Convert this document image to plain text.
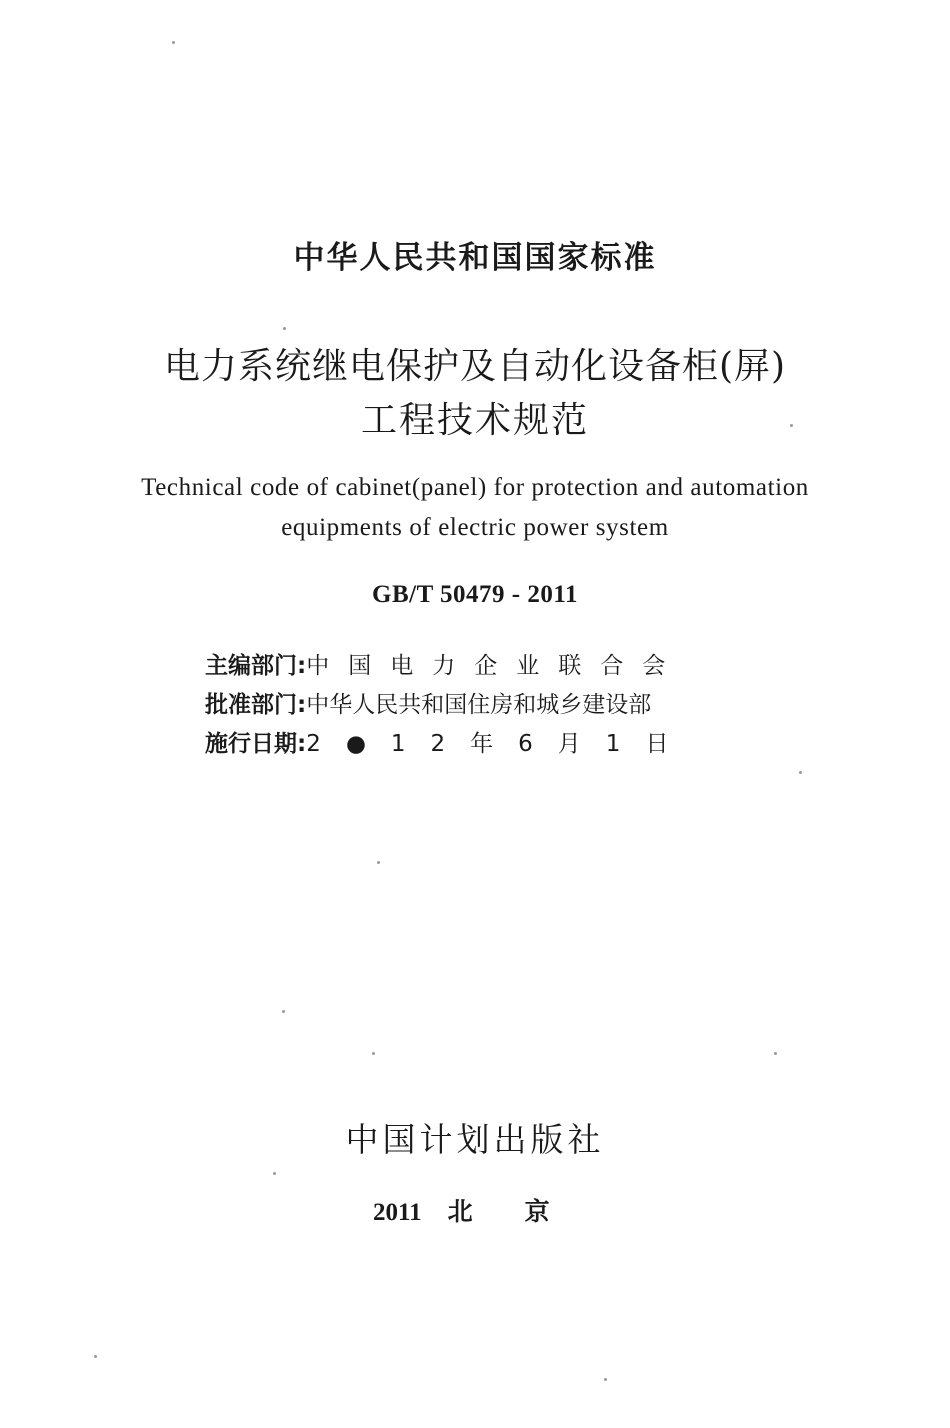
中华人民共和国国家标准
电力系统继电保护及自动化设备柜(屏)
工程技术规范
Technical code of cabinet(panel) for protection and automation
equipments of electric power system
GB/T 50479 - 2011
主编部门: 中国电力企业联合会
批准部门: 中华人民共和国住房和城乡建设部
施行日期: 2●12年6月1日
中国计划出版社
2011 北京
